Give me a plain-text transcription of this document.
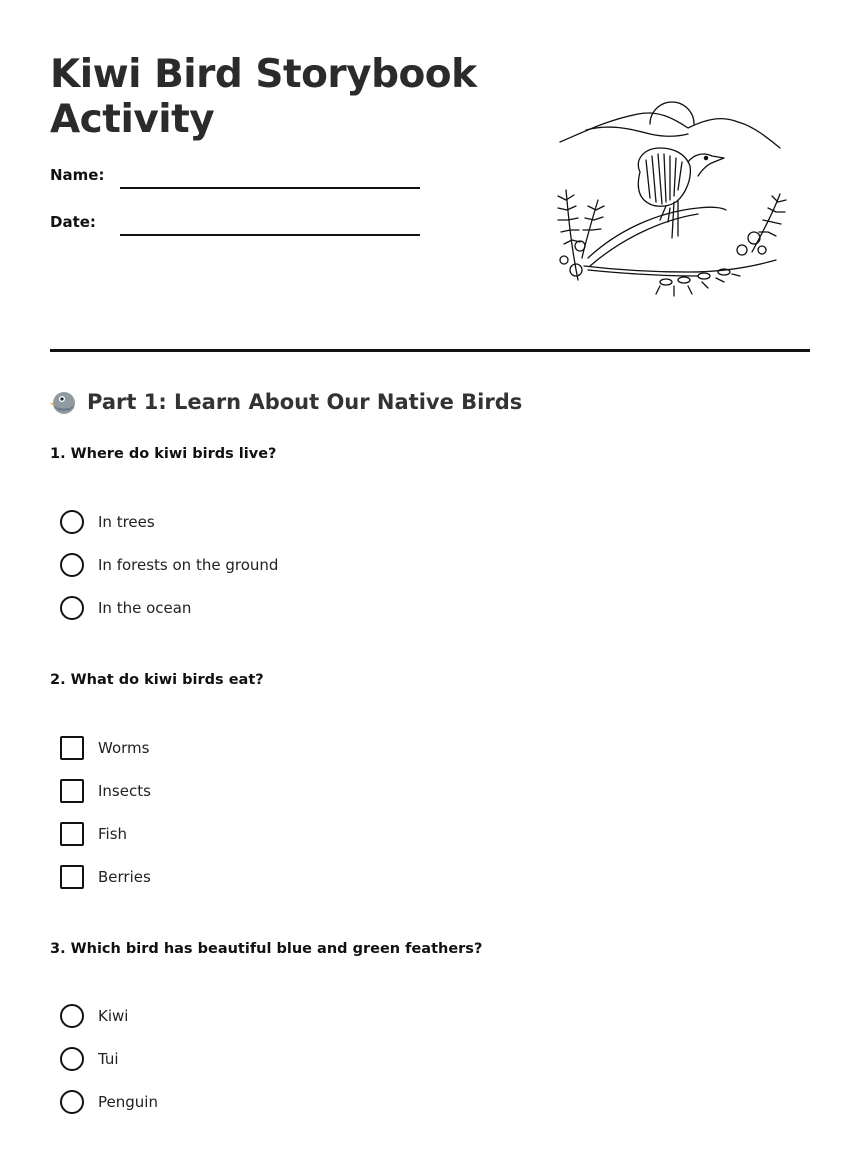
Kiwi Bird Storybook Activity
Name:
Date:
Part 1: Learn About Our Native Birds

1. Where do kiwi birds live?

In trees
In forests on the ground
In the ocean

2. What do kiwi birds eat?

Worms
Insects
Fish
Berries

3. Which bird has beautiful blue and green feathers?

Kiwi
Tui
Penguin
